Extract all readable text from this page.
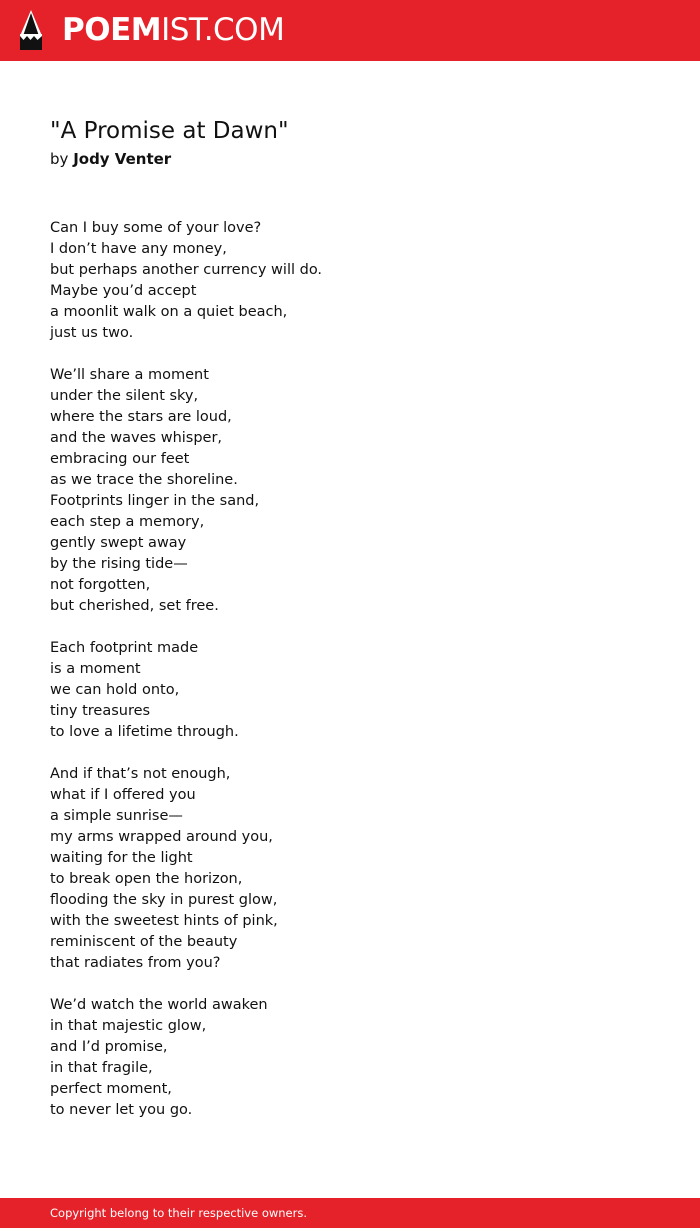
POEMIST.COM
"A Promise at Dawn"
by Jody Venter

Can I buy some of your love?
I don’t have any money,
but perhaps another currency will do.
Maybe you’d accept
a moonlit walk on a quiet beach,
just us two.

We’ll share a moment
under the silent sky,
where the stars are loud,
and the waves whisper,
embracing our feet
as we trace the shoreline.
Footprints linger in the sand,
each step a memory,
gently swept away
by the rising tide—
not forgotten,
but cherished, set free.

Each footprint made
is a moment
we can hold onto,
tiny treasures
to love a lifetime through.

And if that’s not enough,
what if I offered you
a simple sunrise—
my arms wrapped around you,
waiting for the light
to break open the horizon,
flooding the sky in purest glow,
with the sweetest hints of pink,
reminiscent of the beauty
that radiates from you?

We’d watch the world awaken
in that majestic glow,
and I’d promise,
in that fragile,
perfect moment,
to never let you go.

Copyright belong to their respective owners.
